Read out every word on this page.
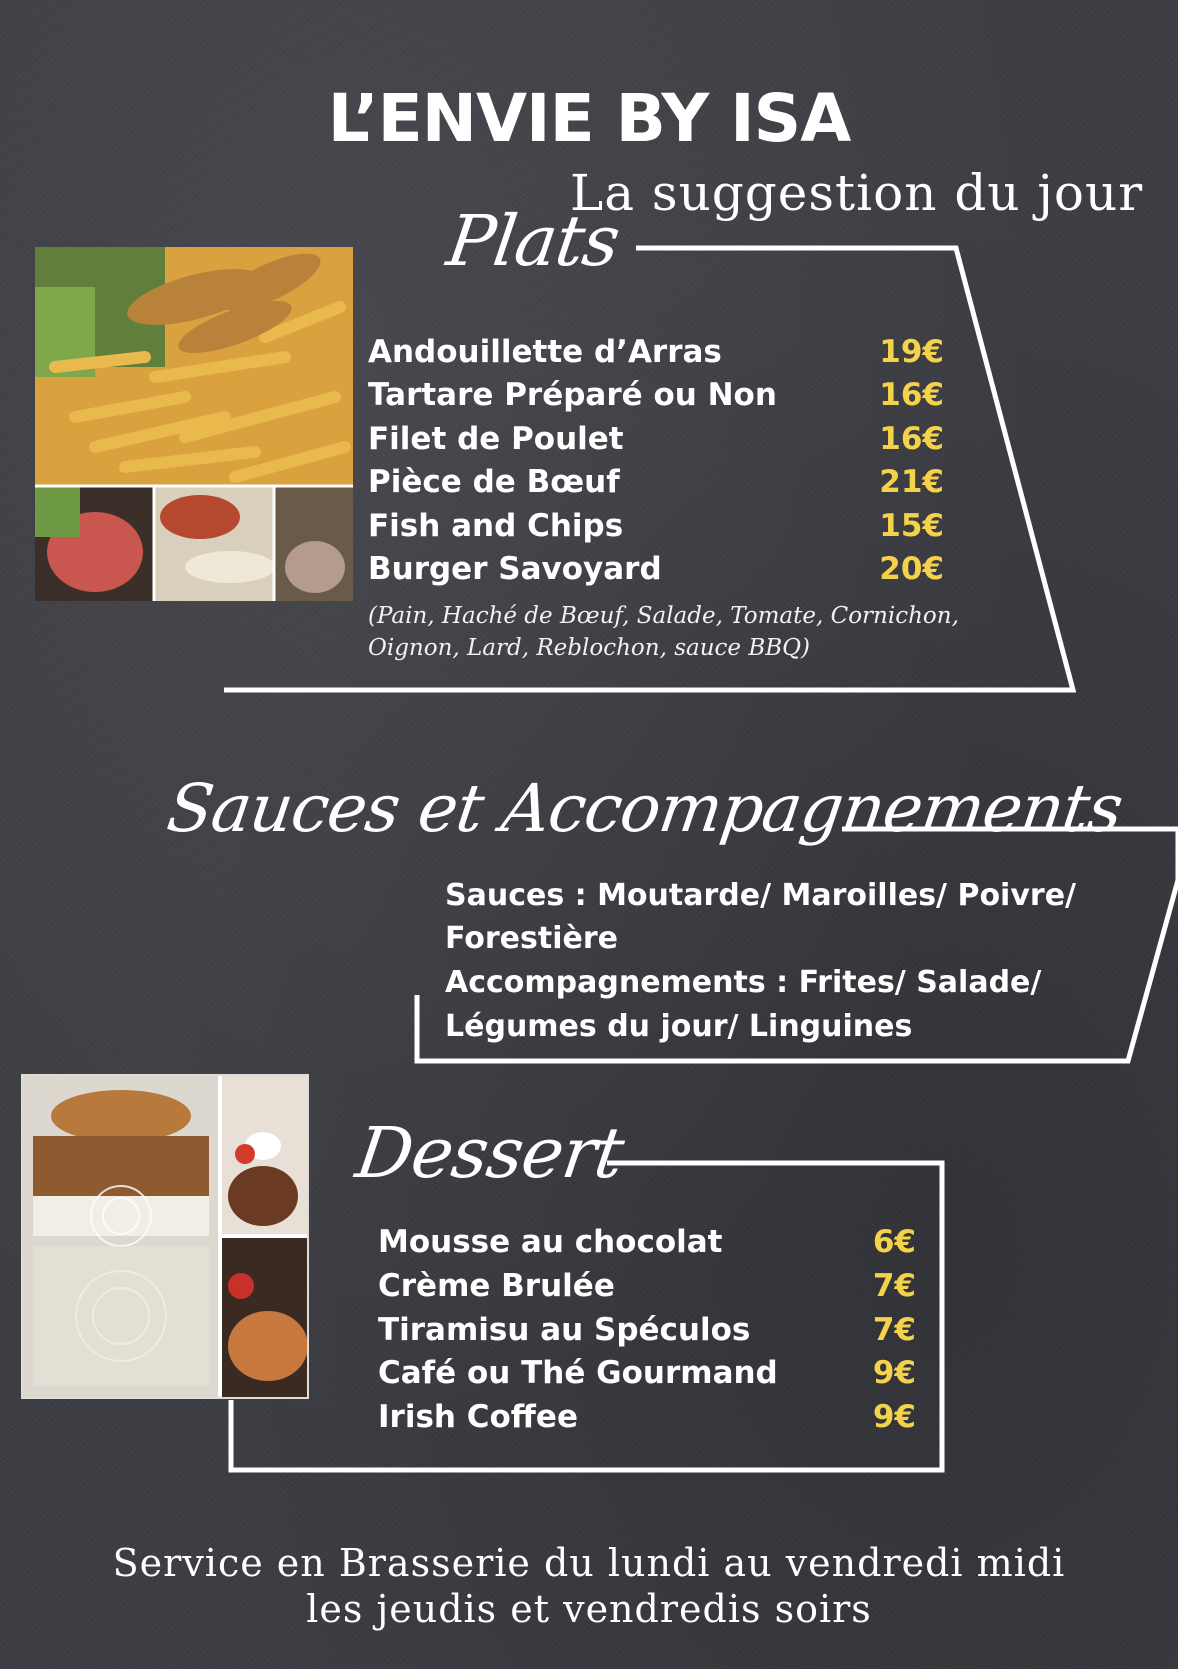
L’ENVIE BY ISA
La suggestion du jour
Plats
Andouillette d’Arras	19€
Tartare Préparé ou Non	16€
Filet de Poulet	16€
Pièce de Bœuf	21€
Fish and Chips	15€
Burger Savoyard	20€
(Pain, Haché de Bœuf, Salade, Tomate, Cornichon,
Oignon, Lard, Reblochon, sauce BBQ)
Sauces et Accompagnements
Sauces : Moutarde/ Maroilles/ Poivre/
Forestière
Accompagnements : Frites/ Salade/
Légumes du jour/ Linguines
Dessert
Mousse au chocolat	6€
Crème Brulée	7€
Tiramisu au Spéculos	7€
Café ou Thé Gourmand	9€
Irish Coffee	9€
Service en Brasserie du lundi au vendredi midi
les jeudis et vendredis soirs
